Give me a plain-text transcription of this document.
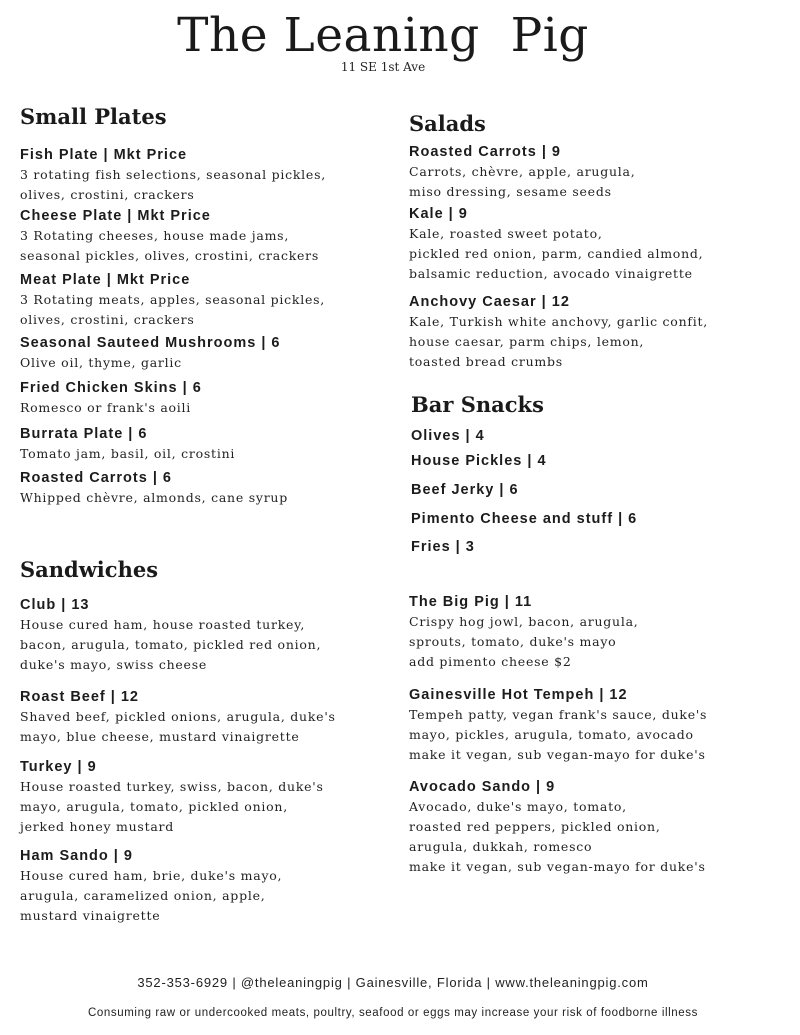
The Leaning  Pig
11 SE 1st Ave
Small Plates
Fish Plate | Mkt Price
3 rotating fish selections, seasonal pickles,
olives, crostini, crackers
Cheese Plate | Mkt Price
3 Rotating cheeses, house made jams,
seasonal pickles, olives, crostini, crackers
Meat Plate | Mkt Price
3 Rotating meats, apples, seasonal pickles,
olives, crostini, crackers
Seasonal Sauteed Mushrooms | 6
Olive oil, thyme, garlic
Fried Chicken Skins | 6
Romesco or frank's aoili
Burrata Plate | 6
Tomato jam, basil, oil, crostini
Roasted Carrots | 6
Whipped chèvre, almonds, cane syrup
Salads
Roasted Carrots | 9
Carrots, chèvre, apple, arugula,
miso dressing, sesame seeds
Kale | 9
Kale, roasted sweet potato,
pickled red onion, parm, candied almond,
balsamic reduction, avocado vinaigrette
Anchovy Caesar | 12
Kale, Turkish white anchovy, garlic confit,
house caesar, parm chips, lemon,
toasted bread crumbs
Bar Snacks
Olives | 4
House Pickles | 4
Beef Jerky | 6
Pimento Cheese and stuff | 6
Fries | 3
Sandwiches
Club | 13
House cured ham, house roasted turkey,
bacon, arugula, tomato, pickled red onion,
duke's mayo, swiss cheese
Roast Beef | 12
Shaved beef, pickled onions, arugula, duke's
mayo, blue cheese, mustard vinaigrette
Turkey | 9
House roasted turkey, swiss, bacon, duke's
mayo, arugula, tomato, pickled onion,
jerked honey mustard
Ham Sando | 9
House cured ham, brie, duke's mayo,
arugula, caramelized onion, apple,
mustard vinaigrette
The Big Pig | 11
Crispy hog jowl, bacon, arugula,
sprouts, tomato, duke's mayo
add pimento cheese $2
Gainesville Hot Tempeh | 12
Tempeh patty, vegan frank's sauce, duke's
mayo, pickles, arugula, tomato, avocado
make it vegan, sub vegan-mayo for duke's
Avocado Sando | 9
Avocado, duke's mayo, tomato,
roasted red peppers, pickled onion,
arugula, dukkah, romesco
make it vegan, sub vegan-mayo for duke's
352-353-6929 | @theleaningpig | Gainesville, Florida | www.theleaningpig.com
Consuming raw or undercooked meats, poultry, seafood or eggs may increase your risk of foodborne illness
